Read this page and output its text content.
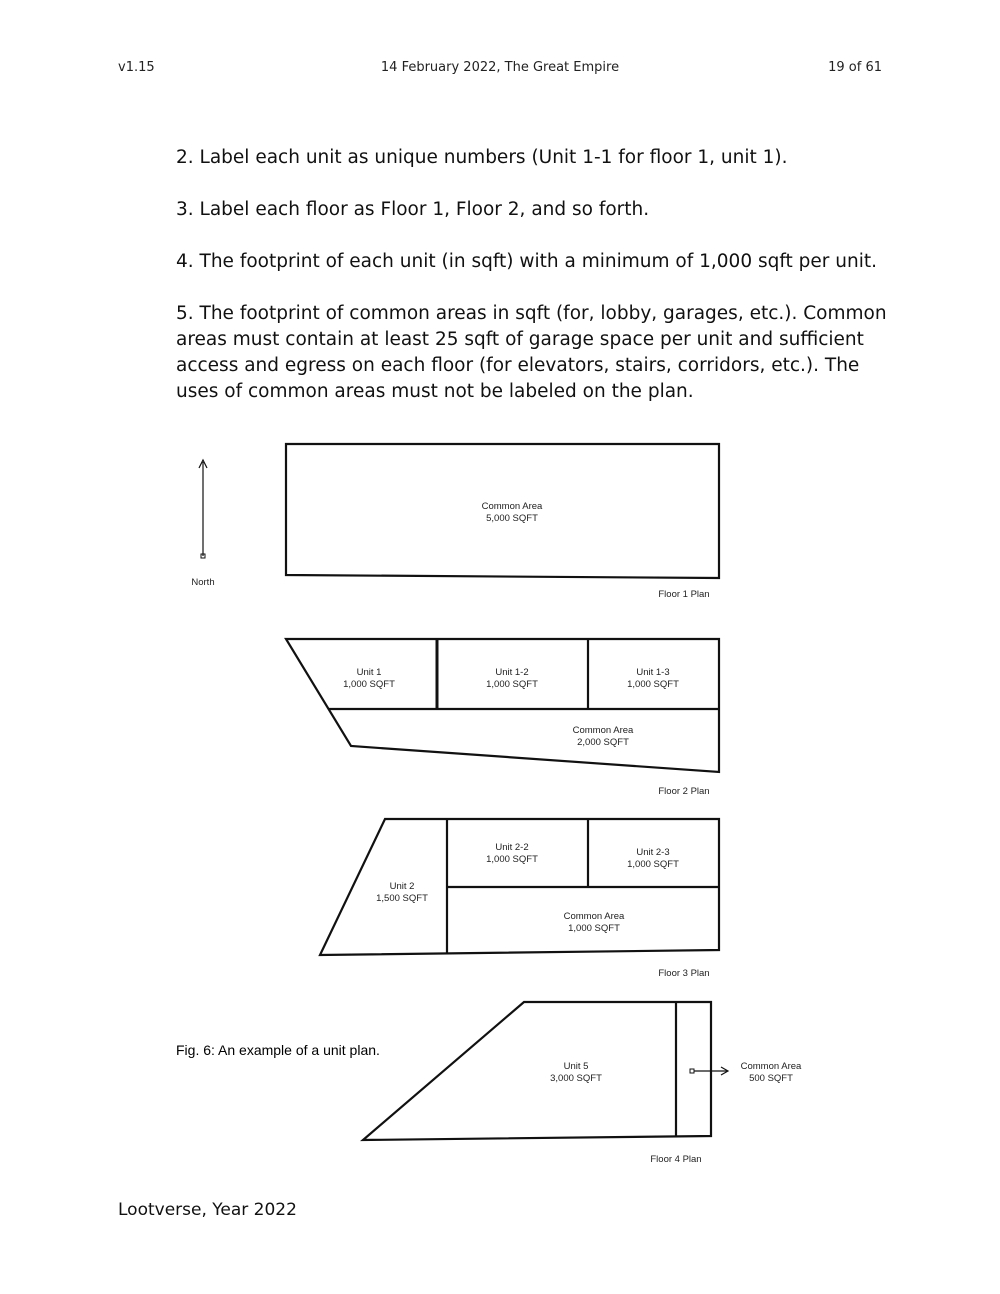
v1.15	14 February 2022, The Great Empire	19 of 61

2. Label each unit as unique numbers (Unit 1-1 for floor 1, unit 1).

3. Label each floor as Floor 1, Floor 2, and so forth.

4. The footprint of each unit (in sqft) with a minimum of 1,000 sqft per unit.

5. The footprint of common areas in sqft (for, lobby, garages, etc.). Common areas must contain at least 25 sqft of garage space per unit and sufficient access and egress on each floor (for elevators, stairs, corridors, etc.). The uses of common areas must not be labeled on the plan.

North
Common Area
5,000 SQFT
Floor 1 Plan
Unit 1
1,000 SQFT
Unit 1-2
1,000 SQFT
Unit 1-3
1,000 SQFT
Common Area
2,000 SQFT
Floor 2 Plan
Unit 2
1,500 SQFT
Unit 2-2
1,000 SQFT
Unit 2-3
1,000 SQFT
Common Area
1,000 SQFT
Floor 3 Plan
Unit 5
3,000 SQFT
Common Area
500 SQFT
Floor 4 Plan
Fig. 6: An example of a unit plan.
Lootverse, Year 2022
